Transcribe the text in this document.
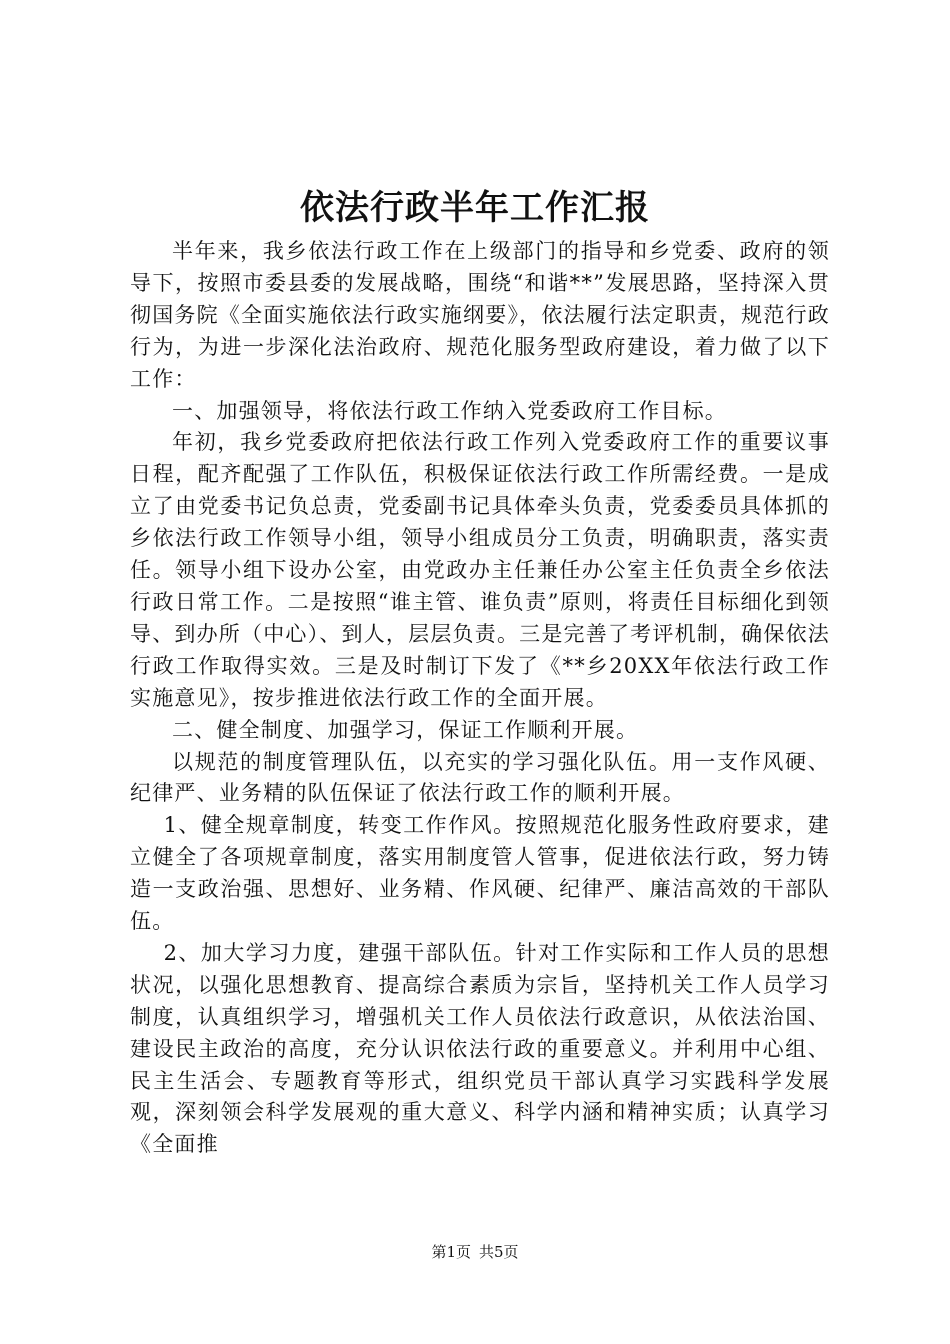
依法行政半年工作汇报

半年来，我乡依法行政工作在上级部门的指导和乡党委、政府的领导下，按照市委县委的发展战略，围绕“和谐**”发展思路，坚持深入贯彻国务院《全面实施依法行政实施纲要》，依法履行法定职责，规范行政行为，为进一步深化法治政府、规范化服务型政府建设，着力做了以下工作：

一、加强领导，将依法行政工作纳入党委政府工作目标。

年初，我乡党委政府把依法行政工作列入党委政府工作的重要议事日程，配齐配强了工作队伍，积极保证依法行政工作所需经费。一是成立了由党委书记负总责，党委副书记具体牵头负责，党委委员具体抓的乡依法行政工作领导小组，领导小组成员分工负责，明确职责，落实责任。领导小组下设办公室，由党政办主任兼任办公室主任负责全乡依法行政日常工作。二是按照“谁主管、谁负责”原则，将责任目标细化到领导、到办所（中心）、到人，层层负责。三是完善了考评机制，确保依法行政工作取得实效。三是及时制订下发了《**乡20XX年依法行政工作实施意见》，按步推进依法行政工作的全面开展。

二、健全制度、加强学习，保证工作顺利开展。

以规范的制度管理队伍，以充实的学习强化队伍。用一支作风硬、纪律严、业务精的队伍保证了依法行政工作的顺利开展。

1、健全规章制度，转变工作作风。按照规范化服务性政府要求，建立健全了各项规章制度，落实用制度管人管事，促进依法行政，努力铸造一支政治强、思想好、业务精、作风硬、纪律严、廉洁高效的干部队伍。

2、加大学习力度，建强干部队伍。针对工作实际和工作人员的思想状况，以强化思想教育、提高综合素质为宗旨，坚持机关工作人员学习制度，认真组织学习，增强机关工作人员依法行政意识，从依法治国、建设民主政治的高度，充分认识依法行政的重要意义。并利用中心组、民主生活会、专题教育等形式，组织党员干部认真学习实践科学发展观，深刻领会科学发展观的重大意义、科学内涵和精神实质；认真学习《全面推

第1页 共5页
